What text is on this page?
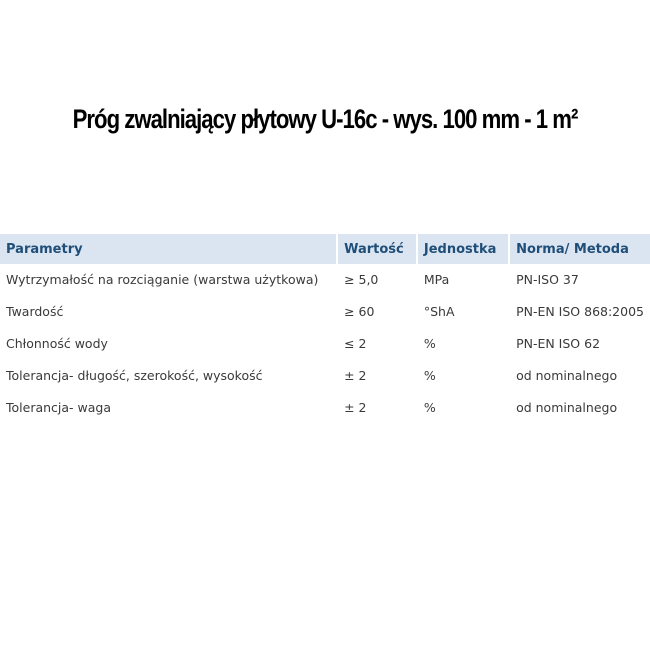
Próg zwalniający płytowy U-16c - wys. 100 mm - 1 m²
Parametry	Wartość	Jednostka	Norma/ Metoda
Wytrzymałość na rozciąganie (warstwa użytkowa)	≥ 5,0	MPa	PN-ISO 37
Twardość	≥ 60	°ShA	PN-EN ISO 868:2005
Chłonność wody	≤ 2	%	PN-EN ISO 62
Tolerancja- długość, szerokość, wysokość	± 2	%	od nominalnego
Tolerancja- waga	± 2	%	od nominalnego
